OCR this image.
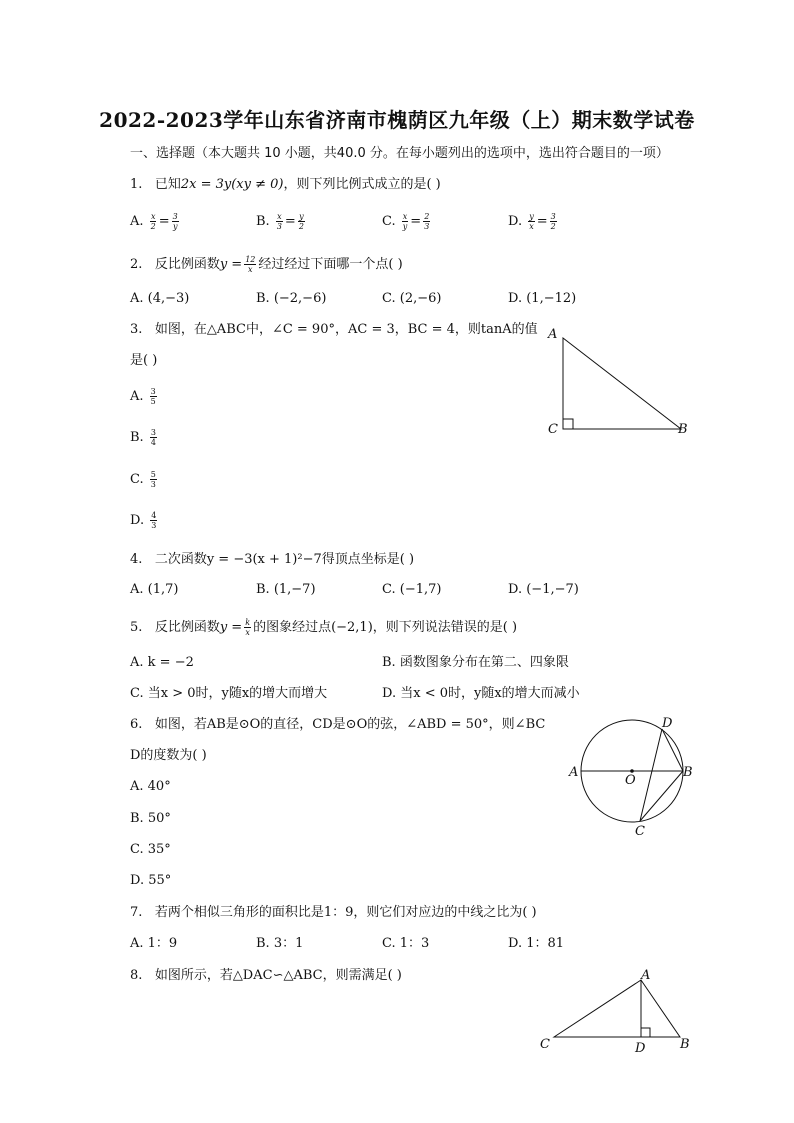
2022-2023学年山东省济南市槐荫区九年级（上）期末数学试卷
一、选择题（本大题共 10 小题，共40.0 分。在每小题列出的选项中，选出符合题目的一项）
1. 已知2x = 3y(xy ≠ 0)，则下列比例式成立的是( )
A. $\frac{x}{2} = \frac{3}{y}$	B. $\frac{x}{3} = \frac{y}{2}$	C. $\frac{x}{y} = \frac{2}{3}$	D. $\frac{y}{x} = \frac{3}{2}$
2. 反比例函数$y = \frac{12}{x}$ 经过经过下面哪一个点( )
A. (4,−3)	B. (−2,−6)	C. (2,−6)	D. (1,−12)
3. 如图，在△ABC中，∠C = 90°，AC = 3，BC = 4，则tanA的值
是( )
A. $\frac{3}{5}$
B. $\frac{3}{4}$
C. $\frac{5}{3}$
D. $\frac{4}{3}$
A
C	B
4. 二次函数y = −3(x + 1)²−7得顶点坐标是( )
A. (1,7)	B. (1,−7)	C. (−1,7)	D. (−1,−7)
5. 反比例函数$y = \frac{k}{x}$ 的图象经过点(−2,1)，则下列说法错误的是( )
A. k = −2	B. 函数图象分布在第二、四象限
C. 当x > 0时，y随x的增大而增大	D. 当x < 0时，y随x的增大而减小
6. 如图，若AB是⊙O的直径，CD是⊙O的弦，∠ABD = 50°，则∠BC
D的度数为( )
A. 40°
B. 50°
C. 35°
D. 55°
A	B
C
D
O
7. 若两个相似三角形的面积比是1：9，则它们对应边的中线之比为( )
A. 1：9	B. 3：1	C. 1：3	D. 1：81
8. 如图所示，若△DAC∽△ABC，则需满足( )	A
C	B
D
